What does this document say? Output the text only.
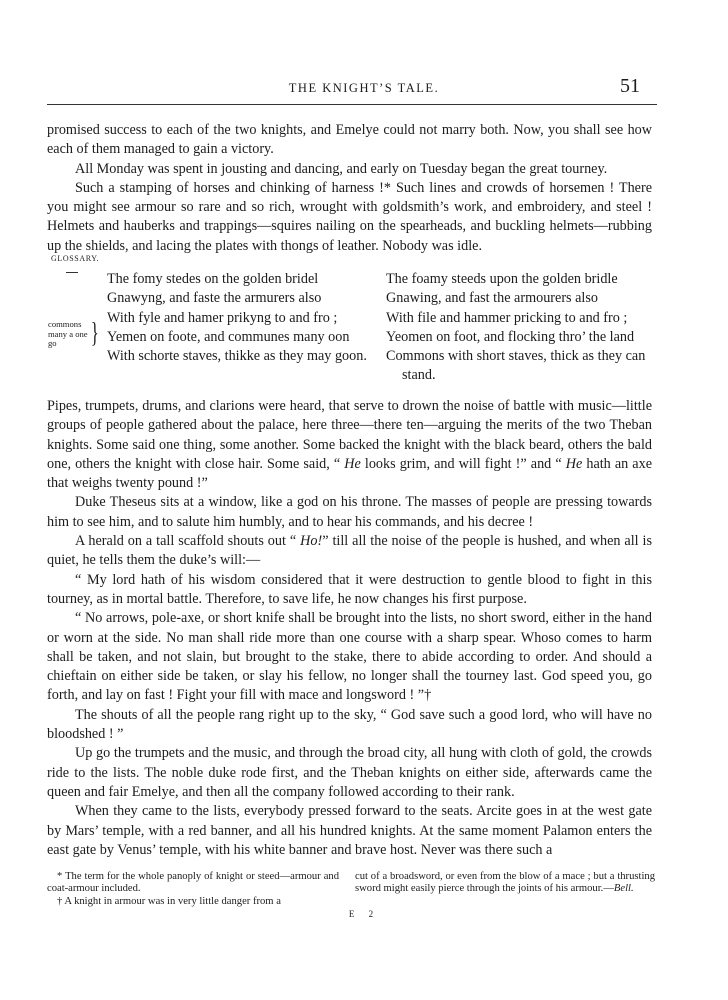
THE KNIGHT’S TALE.	51

promised success to each of the two knights, and Emelye could not marry both. Now, you shall see how each of them managed to gain a victory.

All Monday was spent in jousting and dancing, and early on Tuesday began the great tourney.

Such a stamping of horses and chinking of harness !* Such lines and crowds of horsemen ! There you might see armour so rare and so rich, wrought with goldsmith’s work, and embroidery, and steel ! Helmets and hauberks and trappings—squires nailing on the spearheads, and buckling helmets—rubbing up the shields, and lacing the plates with thongs of leather. Nobody was idle.

GLOSSARY.
commons many a one go	}
The fomy stedes on the golden bridel
Gnawyng, and faste the armurers also
With fyle and hamer prikyng to and fro ;
Yemen on foote, and communes many oon
With schorte staves, thikke as they may goon.
The foamy steeds upon the golden bridle
Gnawing, and fast the armourers also
With file and hammer pricking to and fro ;
Yeomen on foot, and flocking thro’ the land
Commons with short staves, thick as they can
stand.

Pipes, trumpets, drums, and clarions were heard, that serve to drown the noise of battle with music—little groups of people gathered about the palace, here three—there ten—arguing the merits of the two Theban knights. Some said one thing, some another. Some backed the knight with the black beard, others the bald one, others the knight with close hair. Some said, “ He looks grim, and will fight !” and “ He hath an axe that weighs twenty pound !”

Duke Theseus sits at a window, like a god on his throne. The masses of people are pressing towards him to see him, and to salute him humbly, and to hear his commands, and his decree !

A herald on a tall scaffold shouts out “ Ho!” till all the noise of the people is hushed, and when all is quiet, he tells them the duke’s will:—

“ My lord hath of his wisdom considered that it were destruction to gentle blood to fight in this tourney, as in mortal battle. Therefore, to save life, he now changes his first purpose.

“ No arrows, pole-axe, or short knife shall be brought into the lists, no short sword, either in the hand or worn at the side. No man shall ride more than one course with a sharp spear. Whoso comes to harm shall be taken, and not slain, but brought to the stake, there to abide according to order. And should a chieftain on either side be taken, or slay his fellow, no longer shall the tourney last. God speed you, go forth, and lay on fast ! Fight your fill with mace and longsword ! ”†

The shouts of all the people rang right up to the sky, “ God save such a good lord, who will have no bloodshed ! ”

Up go the trumpets and the music, and through the broad city, all hung with cloth of gold, the crowds ride to the lists. The noble duke rode first, and the Theban knights on either side, afterwards came the queen and fair Emelye, and then all the company followed according to their rank.

When they came to the lists, everybody pressed forward to the seats. Arcite goes in at the west gate by Mars’ temple, with a red banner, and all his hundred knights. At the same moment Palamon enters the east gate by Venus’ temple, with his white banner and brave host. Never was there such a

* The term for the whole panoply of knight or steed—armour and coat-armour included.

† A knight in armour was in very little danger from a

cut of a broadsword, or even from the blow of a mace ; but a thrusting sword might easily pierce through the joints of his armour.—Bell.

E 2
